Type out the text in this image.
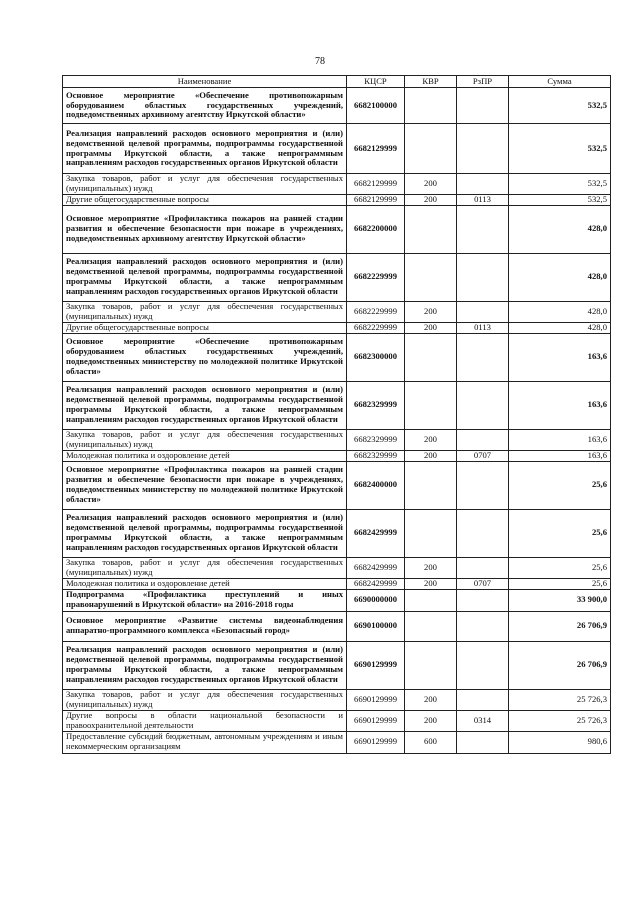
78
Наименование	КЦСР	КВР	РзПР	Сумма
Основное мероприятие «Обеспечение противопожарным оборудованием областных государственных учреждений, подведомственных архивному агентству Иркутской области»	6682100000			532,5
Реализация направлений расходов основного мероприятия и (или) ведомственной целевой программы, подпрограммы государственной программы Иркутской области, а также непрограммным направлениям расходов государственных органов Иркутской области	6682129999			532,5
Закупка товаров, работ и услуг для обеспечения государственных (муниципальных) нужд	6682129999	200		532,5
Другие общегосударственные вопросы	6682129999	200	0113	532,5
Основное мероприятие «Профилактика пожаров на ранней стадии развития и обеспечение безопасности при пожаре в учреждениях, подведомственных архивному агентству Иркутской области»	6682200000			428,0
Реализация направлений расходов основного мероприятия и (или) ведомственной целевой программы, подпрограммы государственной программы Иркутской области, а также непрограммным направлениям расходов государственных органов Иркутской области	6682229999			428,0
Закупка товаров, работ и услуг для обеспечения государственных (муниципальных) нужд	6682229999	200		428,0
Другие общегосударственные вопросы	6682229999	200	0113	428,0
Основное мероприятие «Обеспечение противопожарным оборудованием областных государственных учреждений, подведомственных министерству по молодежной политике Иркутской области»	6682300000			163,6
Реализация направлений расходов основного мероприятия и (или) ведомственной целевой программы, подпрограммы государственной программы Иркутской области, а также непрограммным направлениям расходов государственных органов Иркутской области	6682329999			163,6
Закупка товаров, работ и услуг для обеспечения государственных (муниципальных) нужд	6682329999	200		163,6
Молодежная политика и оздоровление детей	6682329999	200	0707	163,6
Основное мероприятие «Профилактика пожаров на ранней стадии развития и обеспечение безопасности при пожаре в учреждениях, подведомственных министерству по молодежной политике Иркутской области»	6682400000			25,6
Реализация направлений расходов основного мероприятия и (или) ведомственной целевой программы, подпрограммы государственной программы Иркутской области, а также непрограммным направлениям расходов государственных органов Иркутской области	6682429999			25,6
Закупка товаров, работ и услуг для обеспечения государственных (муниципальных) нужд	6682429999	200		25,6
Молодежная политика и оздоровление детей	6682429999	200	0707	25,6
Подпрограмма «Профилактика преступлений и иных правонарушений в Иркутской области» на 2016-2018 годы	6690000000			33 900,0
Основное мероприятие «Развитие системы видеонаблюдения аппаратно-программного комплекса «Безопасный город»	6690100000			26 706,9
Реализация направлений расходов основного мероприятия и (или) ведомственной целевой программы, подпрограммы государственной программы Иркутской области, а также непрограммным направлениям расходов государственных органов Иркутской области	6690129999			26 706,9
Закупка товаров, работ и услуг для обеспечения государственных (муниципальных) нужд	6690129999	200		25 726,3
Другие вопросы в области национальной безопасности и правоохранительной деятельности	6690129999	200	0314	25 726,3
Предоставление субсидий бюджетным, автономным учреждениям и иным некоммерческим организациям	6690129999	600		980,6
